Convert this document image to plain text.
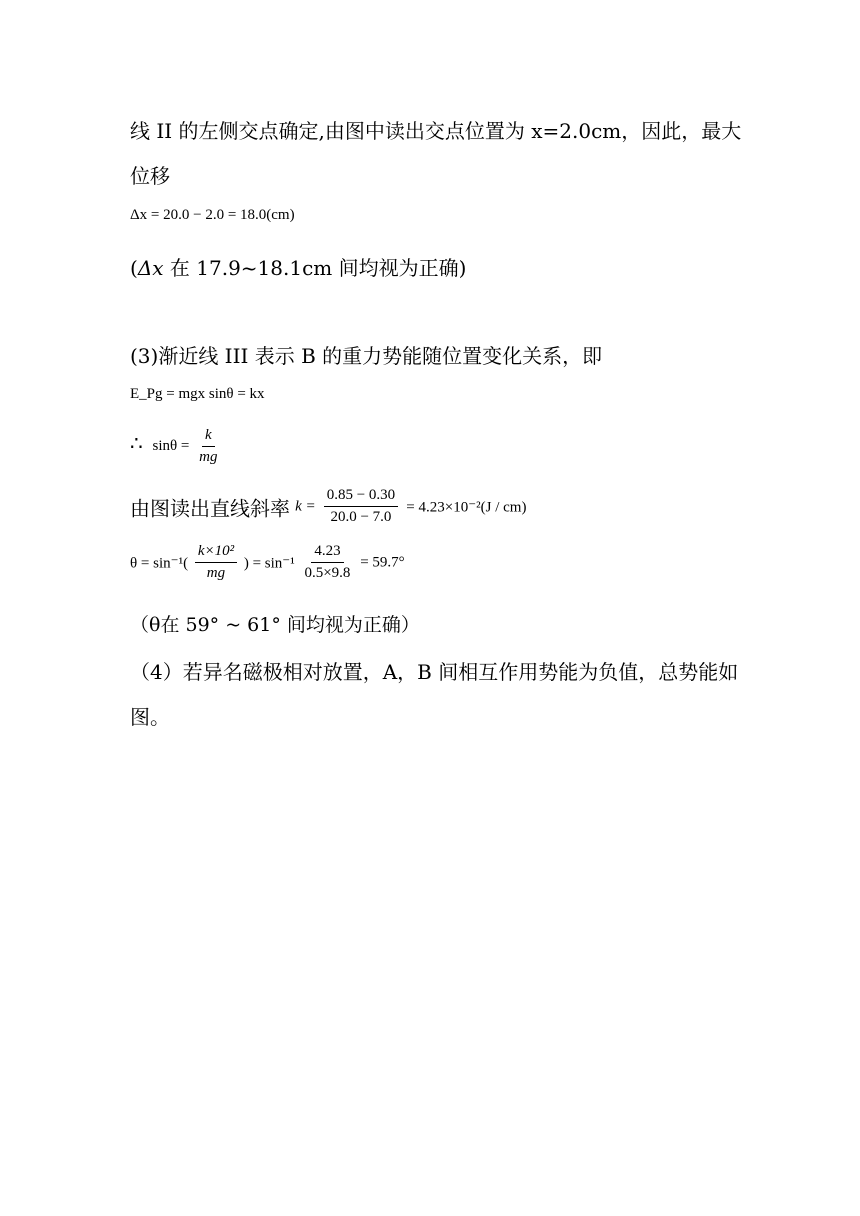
线 II 的左侧交点确定,由图中读出交点位置为 x=2.0cm，因此，最大
位移
Δx = 20.0 − 2.0 = 18.0(cm)
(Δx 在 17.9~18.1cm 间均视为正确)
(3)渐近线 III 表示 B 的重力势能随位置变化关系，即
E_Pg = mgx sinθ = kx
∴ $\sin\theta = \frac{k}{mg}$
由图读出直线斜率 $k = \frac{0.85 - 0.30}{20.0 - 7.0} = 4.23\times 10^{-2}(J / cm)$
$\theta = \sin^{-1}( \frac{\text{k×10²}}{mg}$ ) = $\sin^{-1} \frac{4.23}{0.5\times 9.8} = 59.7^\circ$
（θ在 59° ~ 61° 间均视为正确）
（4）若异名磁极相对放置，A，B 间相互作用势能为负值，总势能如
图。
